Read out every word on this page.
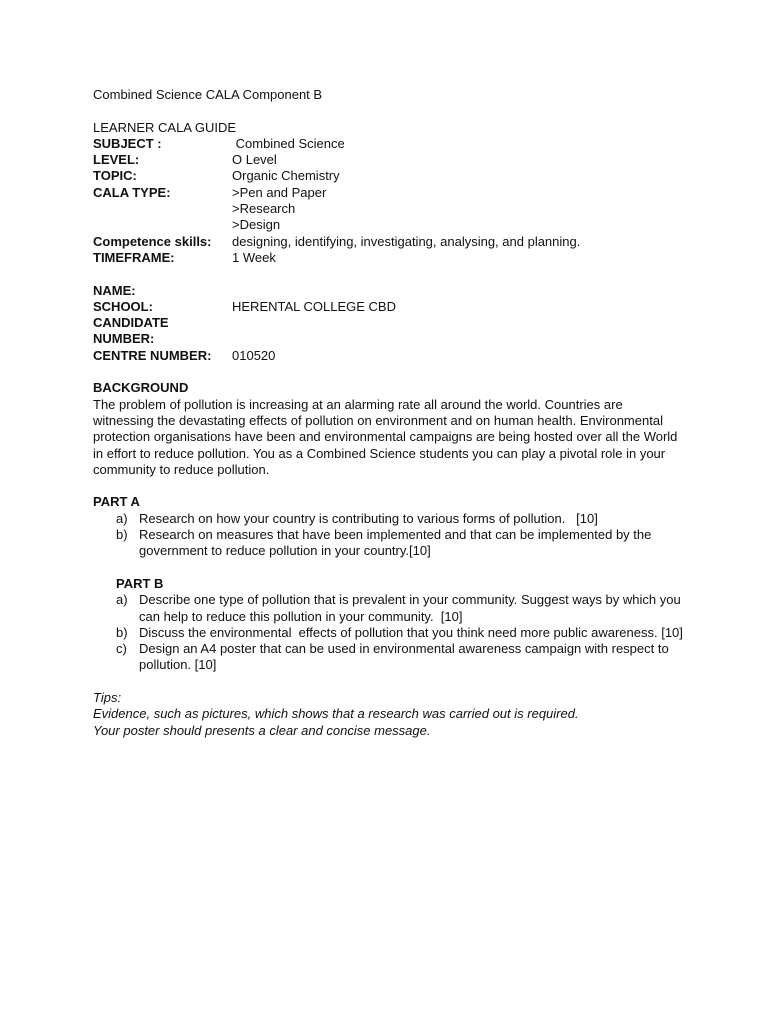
Combined Science CALA Component B
LEARNER CALA GUIDE
SUBJECT :	Combined Science
LEVEL:	O Level
TOPIC:	Organic Chemistry
CALA TYPE:	>Pen and Paper
>Research
>Design
Competence skills:	designing, identifying, investigating, analysing, and planning.
TIMEFRAME:	1 Week
NAME:
SCHOOL:	HERENTAL COLLEGE CBD
CANDIDATE NUMBER:
CENTRE NUMBER:	010520
BACKGROUND
The problem of pollution is increasing at an alarming rate all around the world. Countries are witnessing the devastating effects of pollution on environment and on human health. Environmental protection organisations have been and environmental campaigns are being hosted over all the World in effort to reduce pollution. You as a Combined Science students you can play a pivotal role in your community to reduce pollution.
PART A
a) Research on how your country is contributing to various forms of pollution.   [10]
b) Research on measures that have been implemented and that can be implemented by the government to reduce pollution in your country.[10]
PART B
a) Describe one type of pollution that is prevalent in your community. Suggest ways by which you can help to reduce this pollution in your community.  [10]
b) Discuss the environmental  effects of pollution that you think need more public awareness. [10]
c) Design an A4 poster that can be used in environmental awareness campaign with respect to pollution. [10]
Tips:
Evidence, such as pictures, which shows that a research was carried out is required.
Your poster should presents a clear and concise message.
